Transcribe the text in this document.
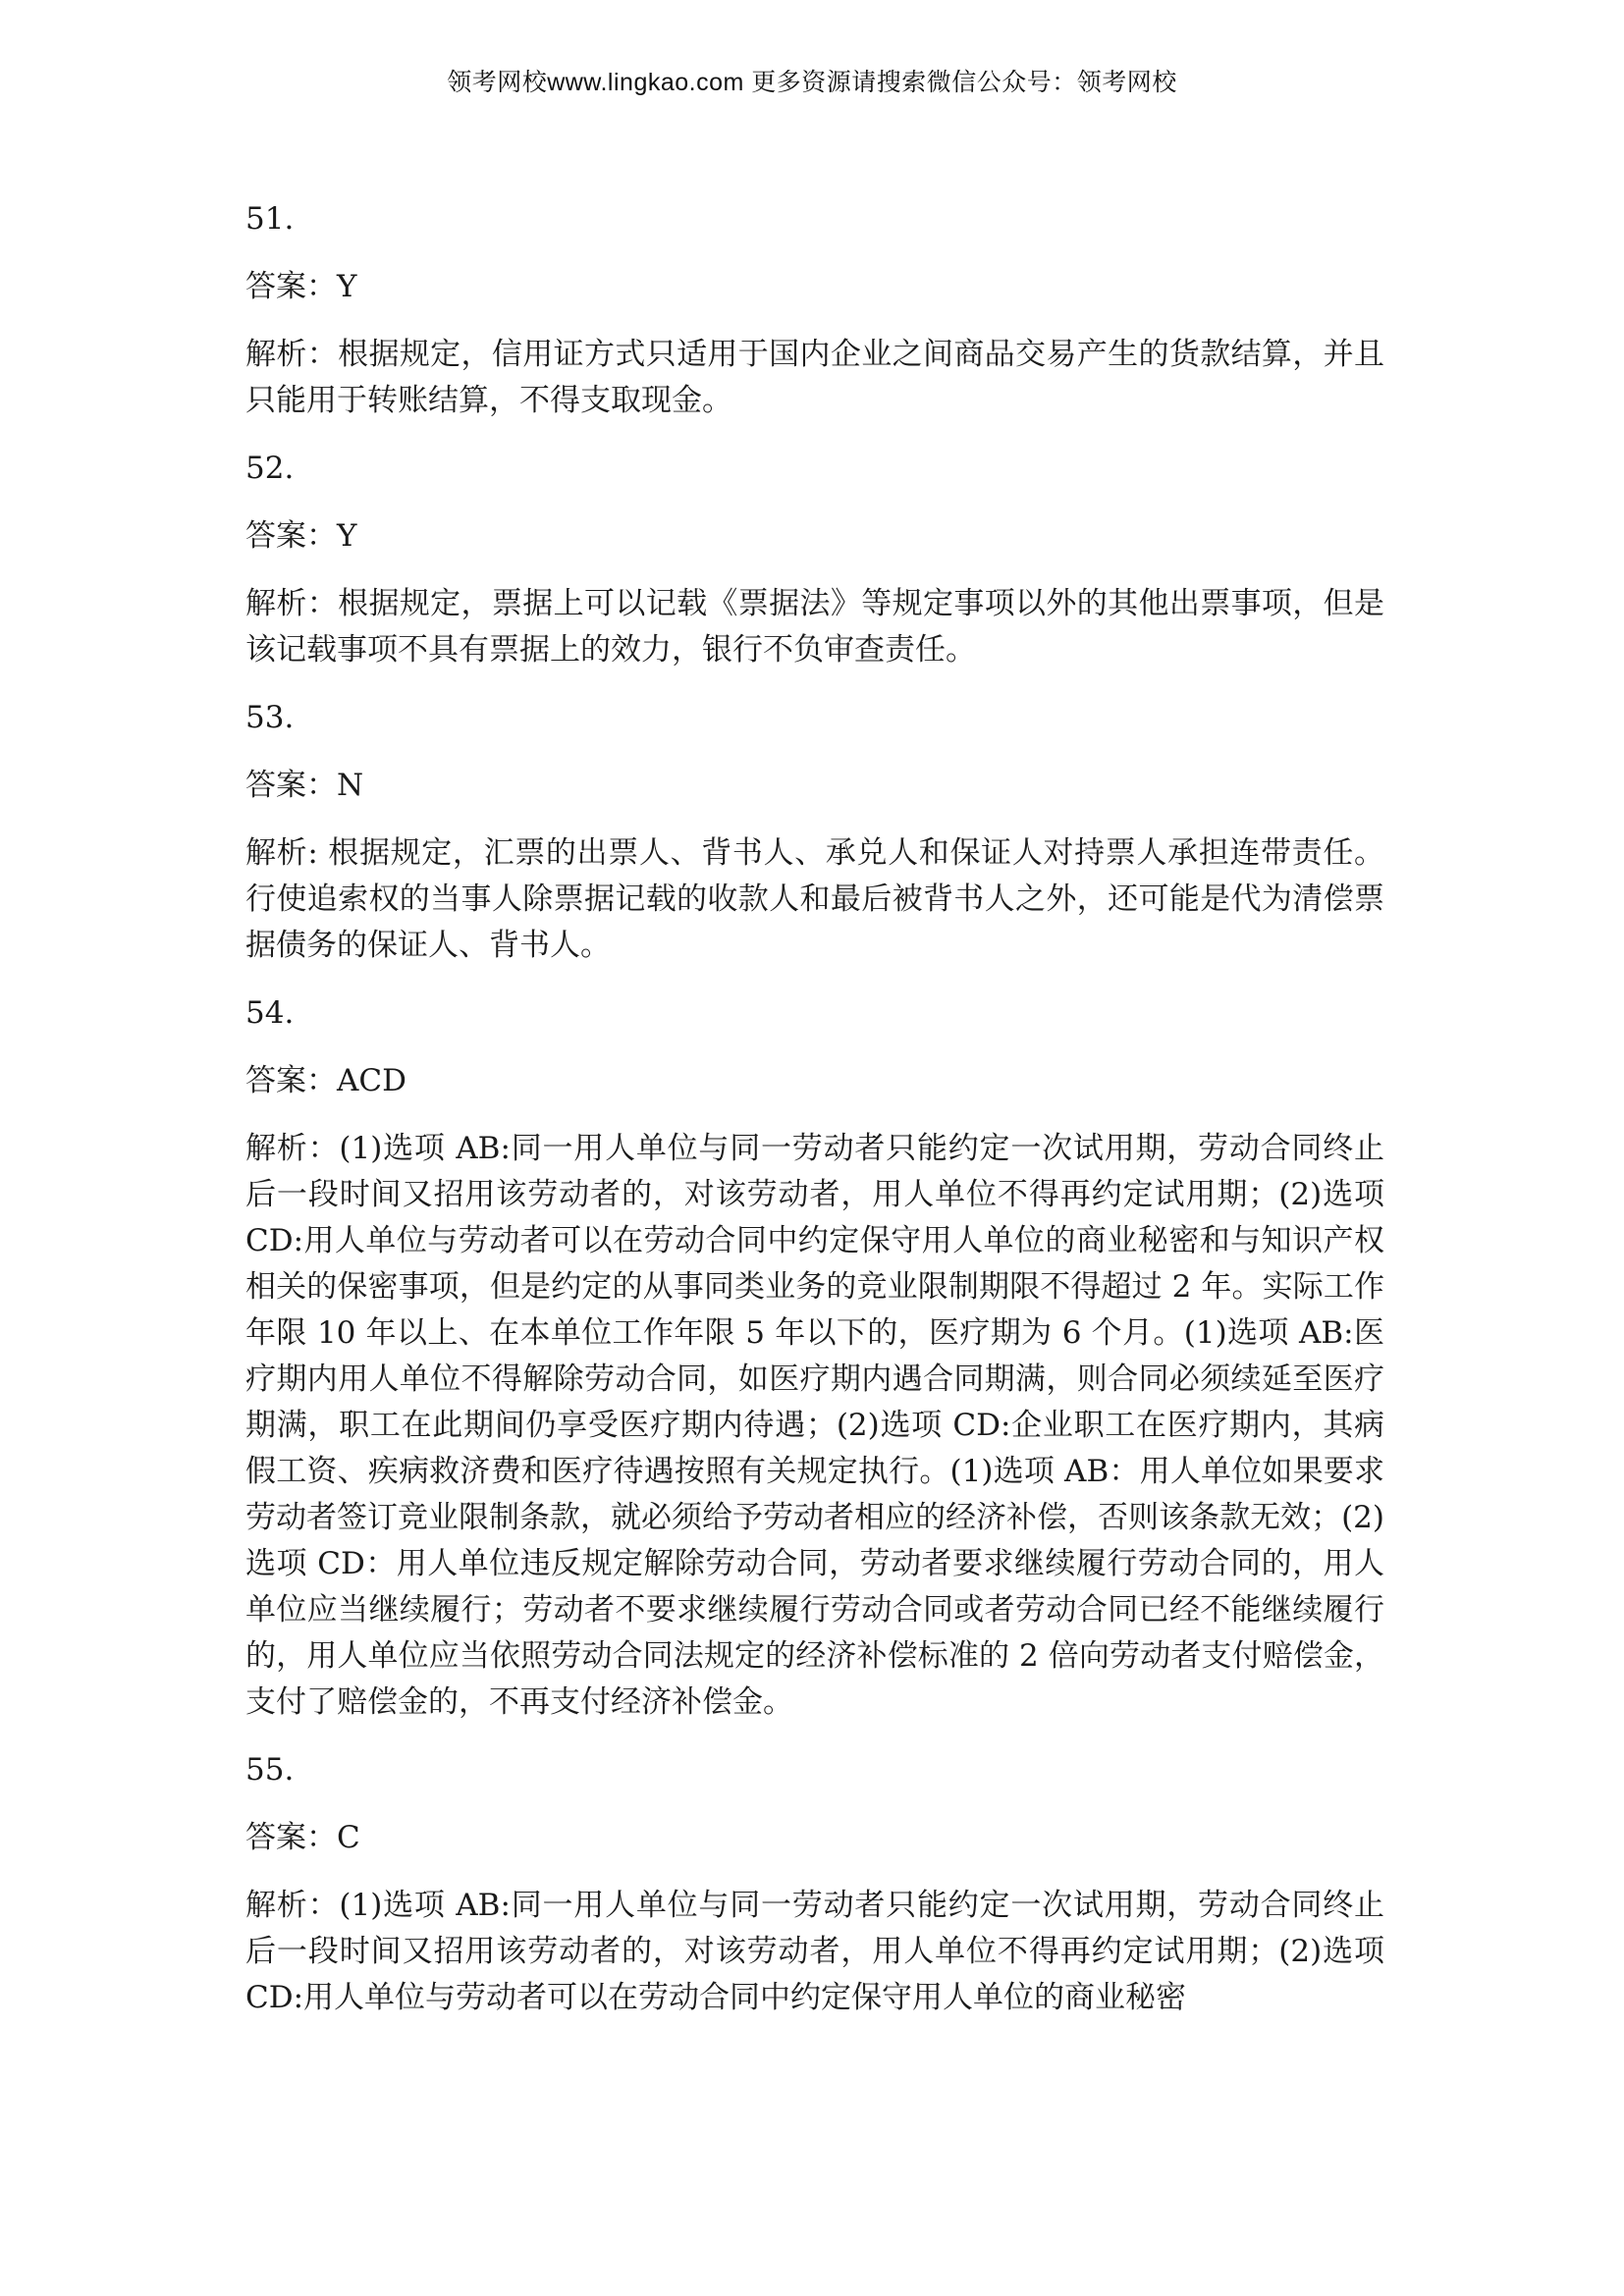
领考网校www.lingkao.com 更多资源请搜索微信公众号：领考网校

51.

答案：Y

解析：根据规定，信用证方式只适用于国内企业之间商品交易产生的货款结算，并且只能用于转账结算，不得支取现金。

52.

答案：Y

解析：根据规定，票据上可以记载《票据法》等规定事项以外的其他出票事项，但是该记载事项不具有票据上的效力，银行不负审查责任。

53.

答案：N

解析: 根据规定，汇票的出票人、背书人、承兑人和保证人对持票人承担连带责任。行使追索权的当事人除票据记载的收款人和最后被背书人之外，还可能是代为清偿票据债务的保证人、背书人。

54.

答案：ACD

解析：(1)选项 AB:同一用人单位与同一劳动者只能约定一次试用期，劳动合同终止后一段时间又招用该劳动者的，对该劳动者，用人单位不得再约定试用期；(2)选项 CD:用人单位与劳动者可以在劳动合同中约定保守用人单位的商业秘密和与知识产权相关的保密事项，但是约定的从事同类业务的竞业限制期限不得超过 2 年。实际工作年限 10 年以上、在本单位工作年限 5 年以下的，医疗期为 6 个月。(1)选项 AB:医疗期内用人单位不得解除劳动合同，如医疗期内遇合同期满，则合同必须续延至医疗期满，职工在此期间仍享受医疗期内待遇；(2)选项 CD:企业职工在医疗期内，其病假工资、疾病救济费和医疗待遇按照有关规定执行。(1)选项 AB：用人单位如果要求劳动者签订竞业限制条款，就必须给予劳动者相应的经济补偿，否则该条款无效；(2)选项 CD：用人单位违反规定解除劳动合同，劳动者要求继续履行劳动合同的，用人单位应当继续履行；劳动者不要求继续履行劳动合同或者劳动合同已经不能继续履行的，用人单位应当依照劳动合同法规定的经济补偿标准的 2 倍向劳动者支付赔偿金，支付了赔偿金的，不再支付经济补偿金。

55.

答案：C

解析：(1)选项 AB:同一用人单位与同一劳动者只能约定一次试用期，劳动合同终止后一段时间又招用该劳动者的，对该劳动者，用人单位不得再约定试用期；(2)选项 CD:用人单位与劳动者可以在劳动合同中约定保守用人单位的商业秘密
